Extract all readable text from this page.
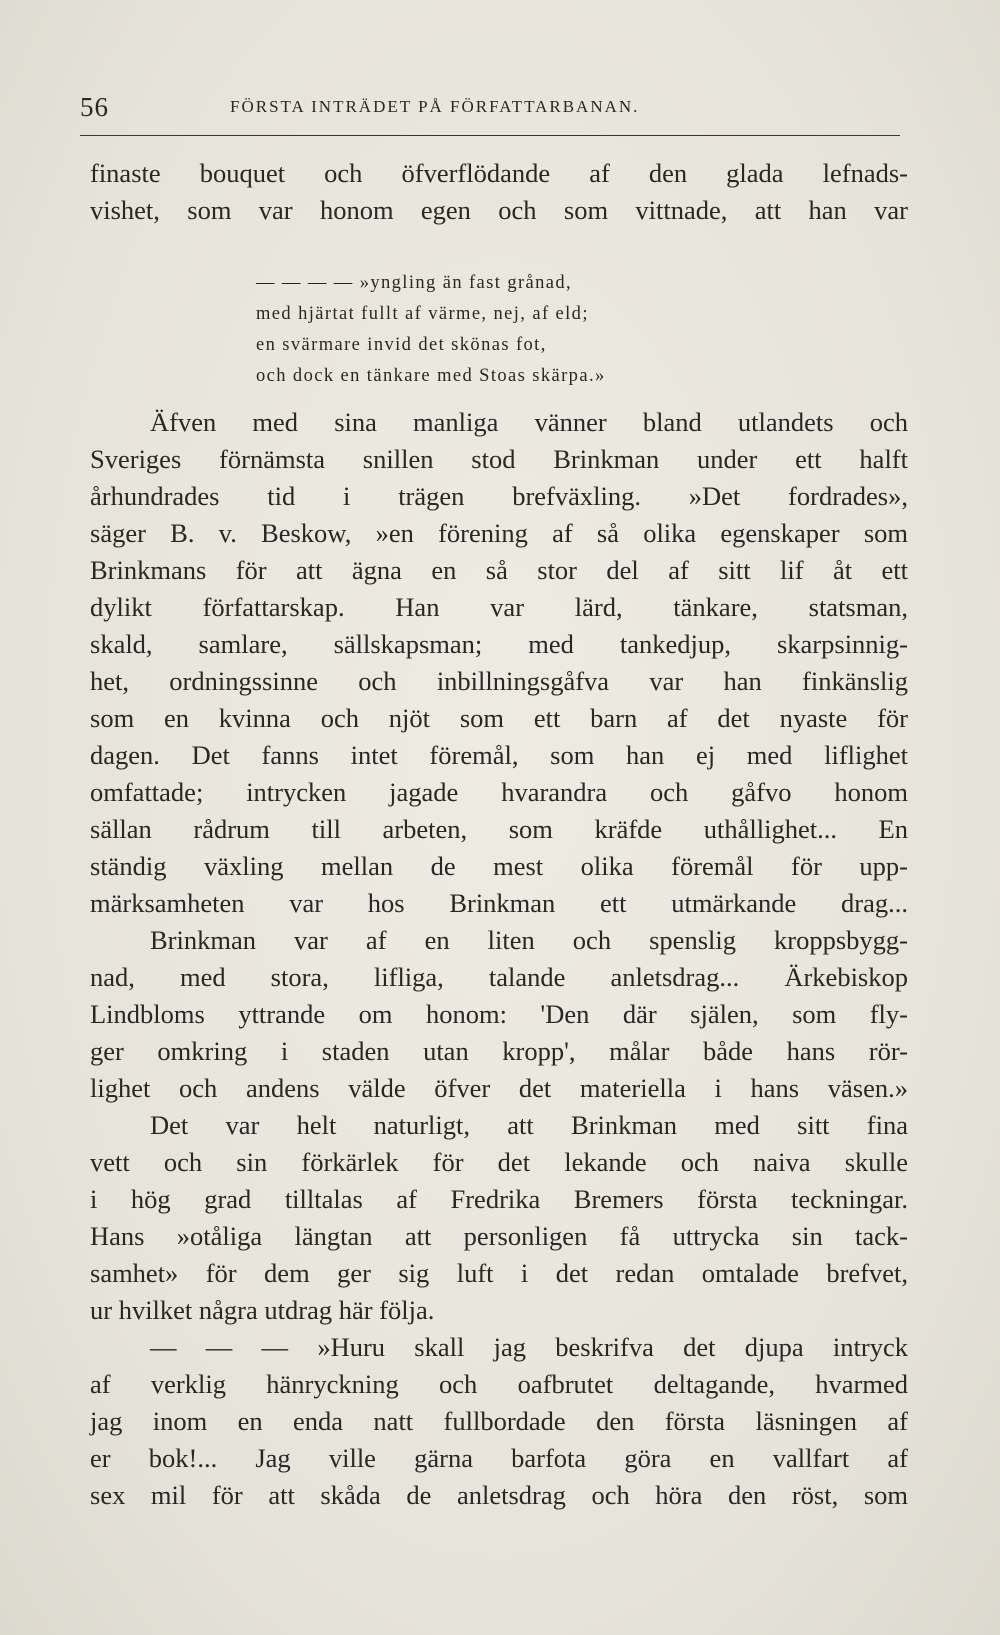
56	FÖRSTA INTRÄDET PÅ FÖRFATTARBANAN.
finaste bouquet och öfverflödande af den glada lefnads-
vishet, som var honom egen och som vittnade, att han var
— — — — »yngling än fast grånad,
med hjärtat fullt af värme, nej, af eld;
en svärmare invid det skönas fot,
och dock en tänkare med Stoas skärpa.»
Äfven med sina manliga vänner bland utlandets och
Sveriges förnämsta snillen stod Brinkman under ett halft
århundrades tid i trägen brefväxling. »Det fordrades»,
säger B. v. Beskow, »en förening af så olika egenskaper som
Brinkmans för att ägna en så stor del af sitt lif åt ett
dylikt författarskap. Han var lärd, tänkare, statsman,
skald, samlare, sällskapsman; med tankedjup, skarpsinnig-
het, ordningssinne och inbillningsgåfva var han finkänslig
som en kvinna och njöt som ett barn af det nyaste för
dagen. Det fanns intet föremål, som han ej med liflighet
omfattade; intrycken jagade hvarandra och gåfvo honom
sällan rådrum till arbeten, som kräfde uthållighet... En
ständig växling mellan de mest olika föremål för upp-
märksamheten var hos Brinkman ett utmärkande drag...
Brinkman var af en liten och spenslig kroppsbygg-
nad, med stora, lifliga, talande anletsdrag... Ärkebiskop
Lindbloms yttrande om honom: 'Den där själen, som fly-
ger omkring i staden utan kropp', målar både hans rör-
lighet och andens välde öfver det materiella i hans väsen.»
Det var helt naturligt, att Brinkman med sitt fina
vett och sin förkärlek för det lekande och naiva skulle
i hög grad tilltalas af Fredrika Bremers första teckningar.
Hans »otåliga längtan att personligen få uttrycka sin tack-
samhet» för dem ger sig luft i det redan omtalade brefvet,
ur hvilket några utdrag här följa.
— — — »Huru skall jag beskrifva det djupa intryck
af verklig hänryckning och oafbrutet deltagande, hvarmed
jag inom en enda natt fullbordade den första läsningen af
er bok!... Jag ville gärna barfota göra en vallfart af
sex mil för att skåda de anletsdrag och höra den röst, som
